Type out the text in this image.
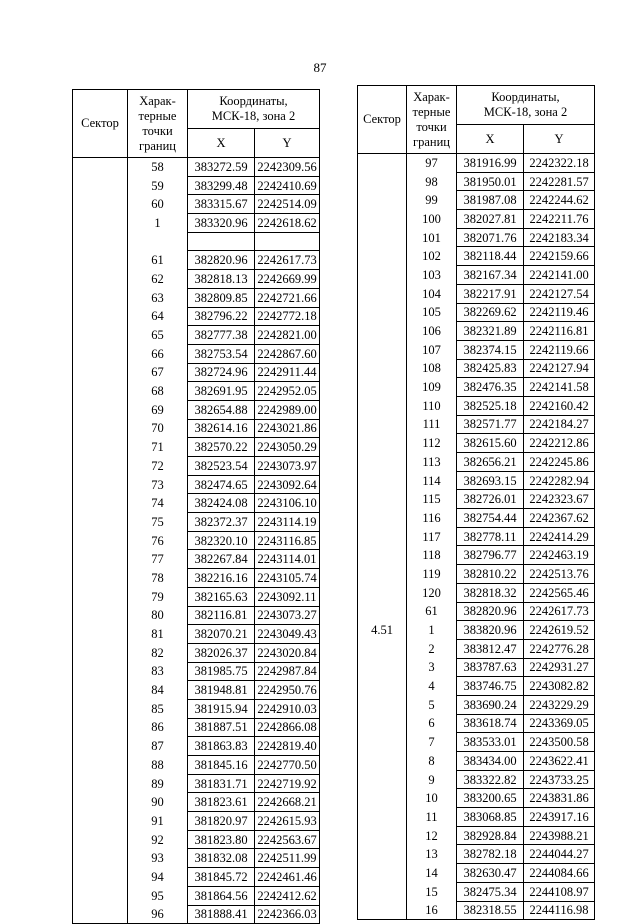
87
Сектор	Харак-
терные
точки
границ	Координаты,
МСК-18, зона 2	

		X	Y
	58	383272.59	2242309.56
	59	383299.48	2242410.69
	60	383315.67	2242514.09
	1	383320.96	2242618.62

	61	382820.96	2242617.73
	62	382818.13	2242669.99
	63	382809.85	2242721.66
	64	382796.22	2242772.18
	65	382777.38	2242821.00
	66	382753.54	2242867.60
	67	382724.96	2242911.44
	68	382691.95	2242952.05
	69	382654.88	2242989.00
	70	382614.16	2243021.86
	71	382570.22	2243050.29
	72	382523.54	2243073.97
	73	382474.65	2243092.64
	74	382424.08	2243106.10
	75	382372.37	2243114.19
	76	382320.10	2243116.85
	77	382267.84	2243114.01
	78	382216.16	2243105.74
	79	382165.63	2243092.11
	80	382116.81	2243073.27
	81	382070.21	2243049.43
	82	382026.37	2243020.84
	83	381985.75	2242987.84
	84	381948.81	2242950.76
	85	381915.94	2242910.03
	86	381887.51	2242866.08
	87	381863.83	2242819.40
	88	381845.16	2242770.50
	89	381831.71	2242719.92
	90	381823.61	2242668.21
	91	381820.97	2242615.93
	92	381823.80	2242563.67
	93	381832.08	2242511.99
	94	381845.72	2242461.46
	95	381864.56	2242412.62
	96	381888.41	2242366.03
Сектор	Харак-
терные
точки
границ	Координаты,
МСК-18, зона 2	

		X	Y
	97	381916.99	2242322.18
	98	381950.01	2242281.57
	99	381987.08	2242244.62
	100	382027.81	2242211.76
	101	382071.76	2242183.34
	102	382118.44	2242159.66
	103	382167.34	2242141.00
	104	382217.91	2242127.54
	105	382269.62	2242119.46
	106	382321.89	2242116.81
	107	382374.15	2242119.66
	108	382425.83	2242127.94
	109	382476.35	2242141.58
	110	382525.18	2242160.42
	111	382571.77	2242184.27
	112	382615.60	2242212.86
	113	382656.21	2242245.86
	114	382693.15	2242282.94
	115	382726.01	2242323.67
	116	382754.44	2242367.62
	117	382778.11	2242414.29
	118	382796.77	2242463.19
	119	382810.22	2242513.76
	120	382818.32	2242565.46
	61	382820.96	2242617.73
4.51	1	383820.96	2242619.52
	2	383812.47	2242776.28
	3	383787.63	2242931.27
	4	383746.75	2243082.82
	5	383690.24	2243229.29
	6	383618.74	2243369.05
	7	383533.01	2243500.58
	8	383434.00	2243622.41
	9	383322.82	2243733.25
	10	383200.65	2243831.86
	11	383068.85	2243917.16
	12	382928.84	2243988.21
	13	382782.18	2244044.27
	14	382630.47	2244084.66
	15	382475.34	2244108.97
	16	382318.55	2244116.98
